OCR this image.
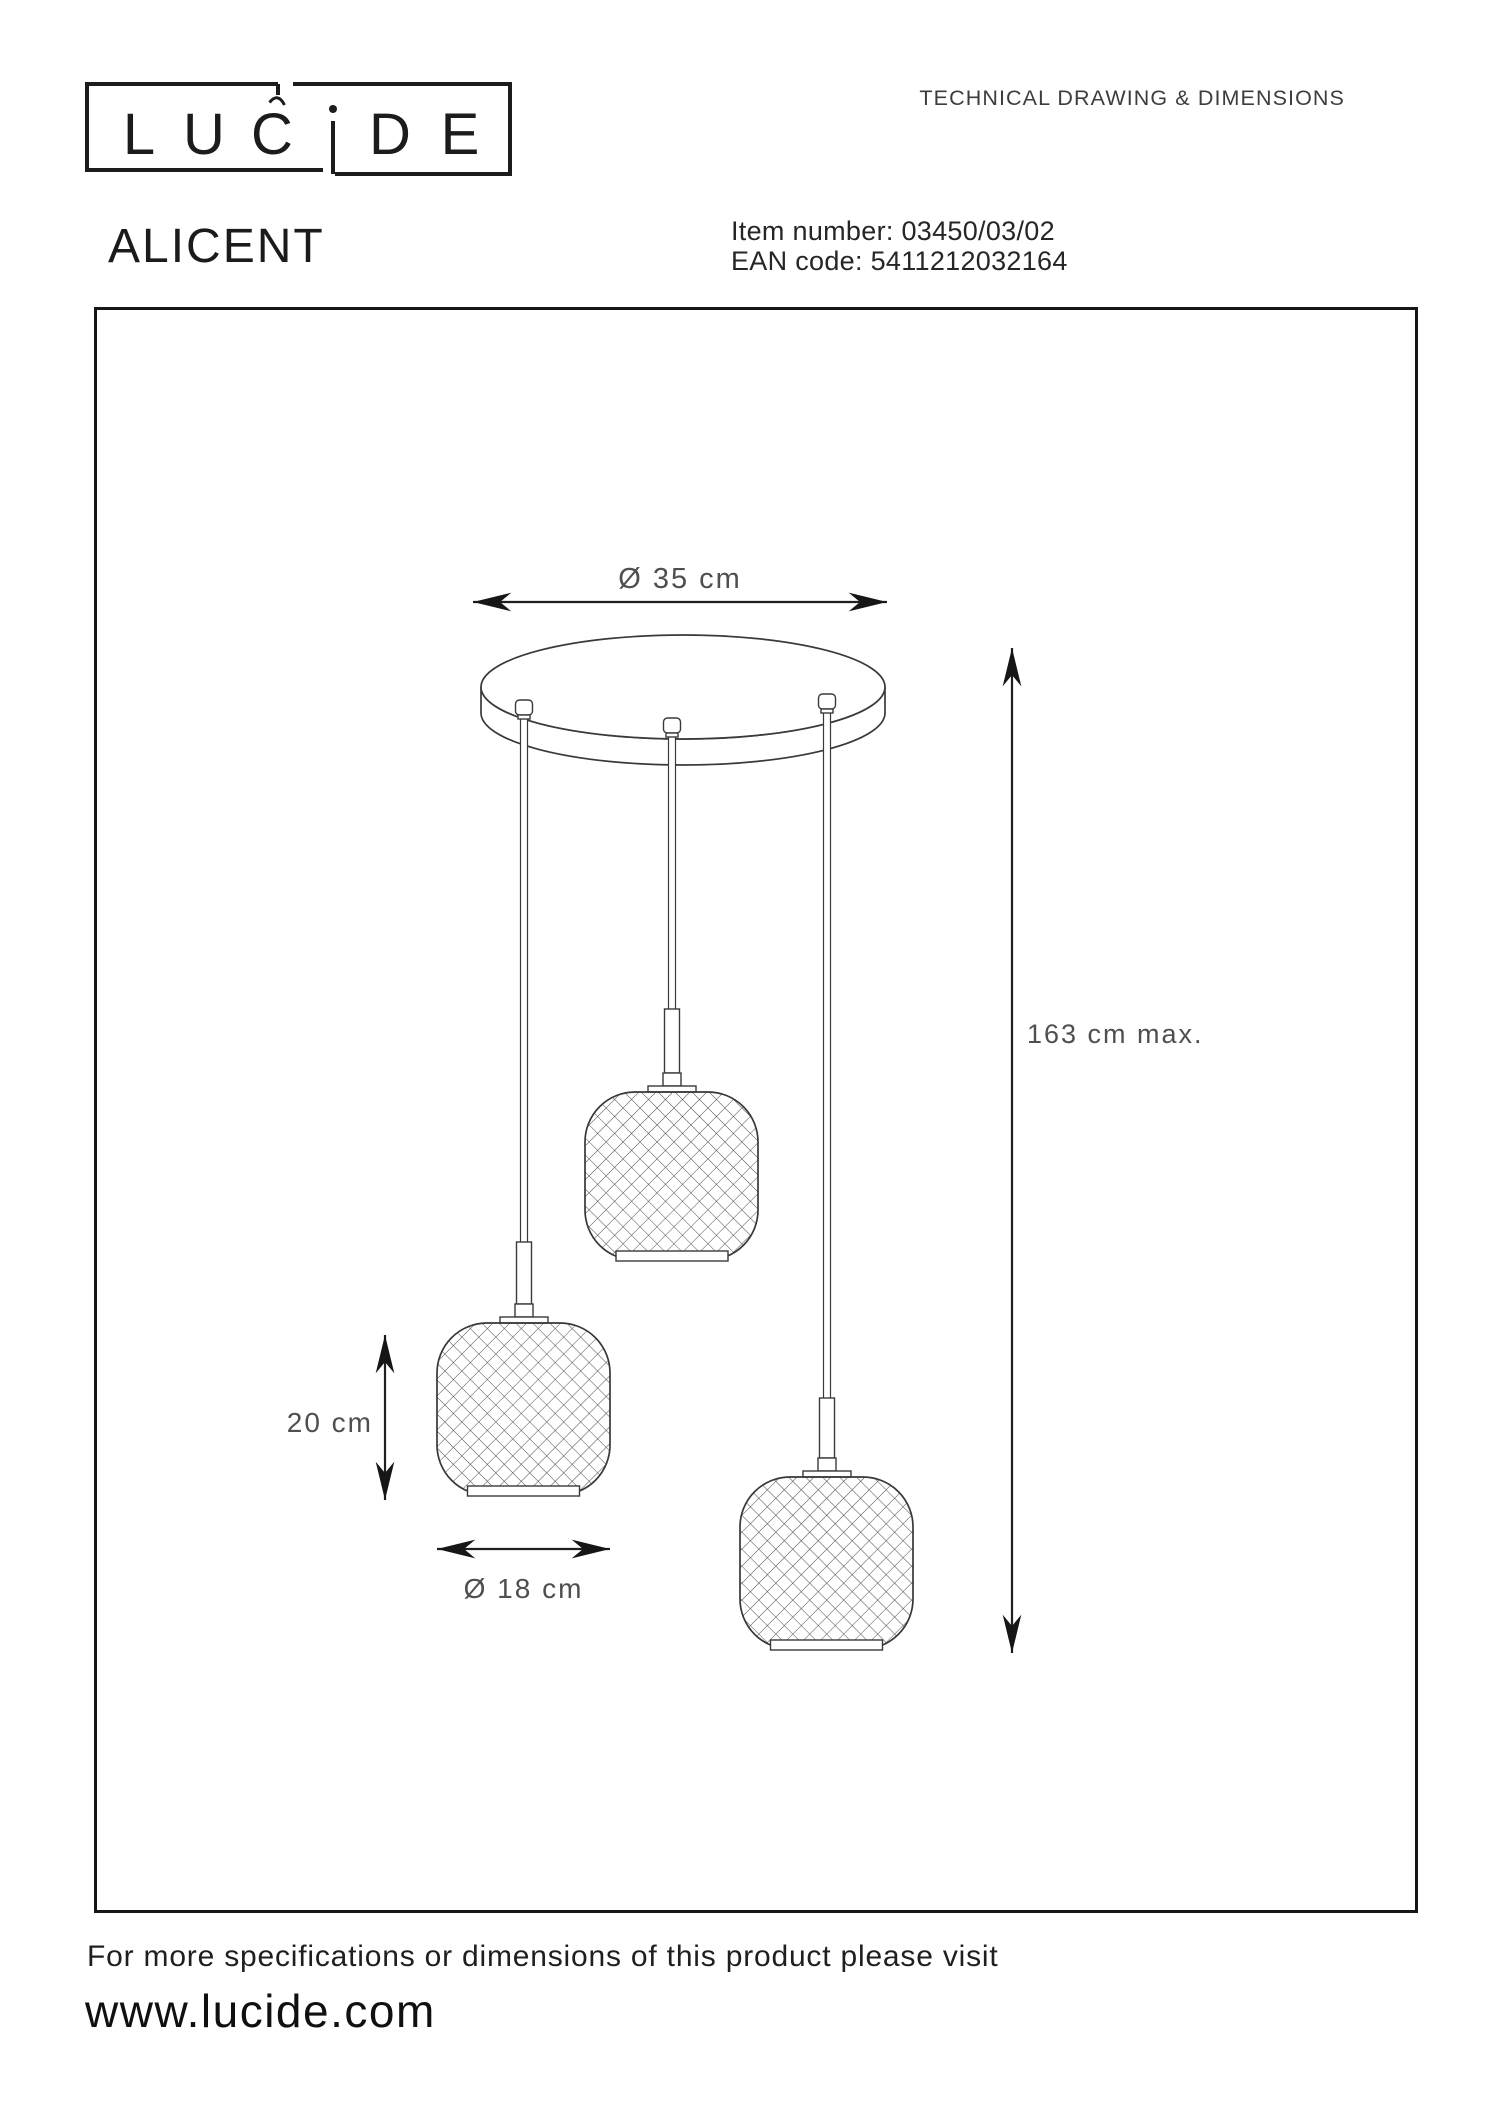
L U C D E
TECHNICAL DRAWING & DIMENSIONS
ALICENT	Item number: 03450/03/02
EAN code: 5411212032164
Ø 35 cm
163 cm max.
20 cm
Ø 18 cm
For more specifications or dimensions of this product please visit
www.lucide.com
